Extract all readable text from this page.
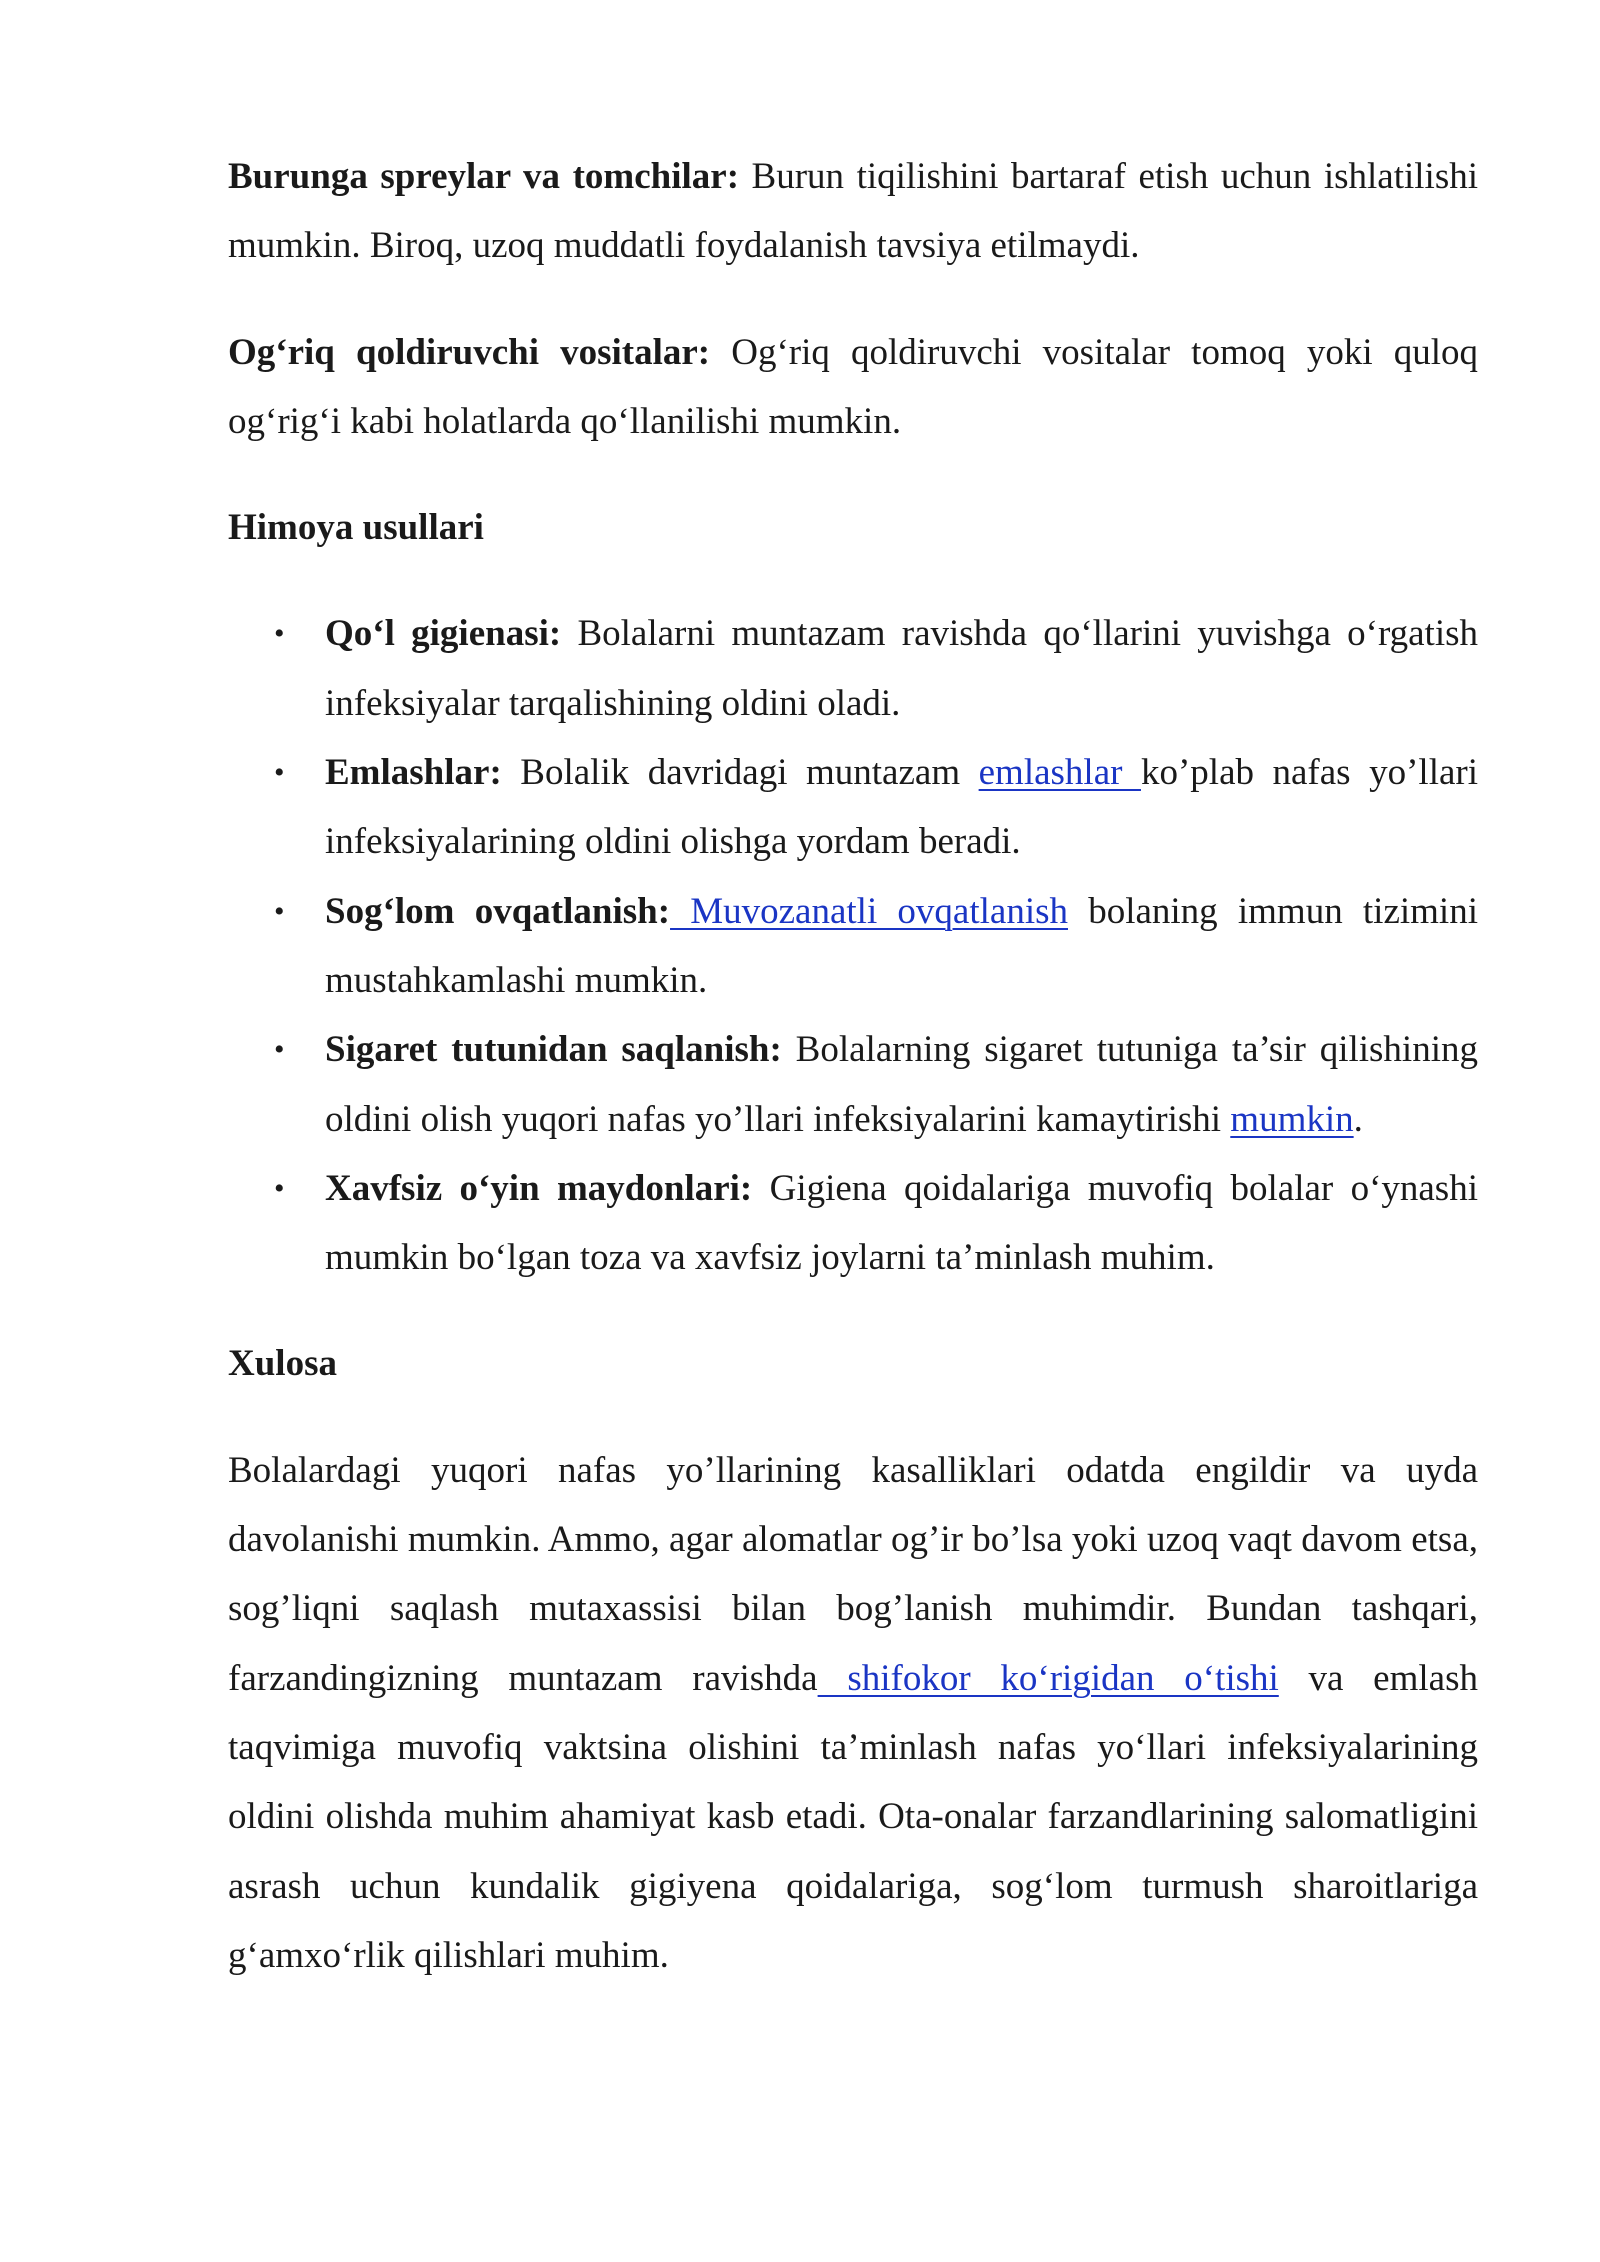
Burunga spreylar va tomchilar: Burun tiqilishini bartaraf etish uchun ishlatilishi mumkin. Biroq, uzoq muddatli foydalanish tavsiya etilmaydi.

Og‘riq qoldiruvchi vositalar: Og‘riq qoldiruvchi vositalar tomoq yoki quloq og‘rig‘i kabi holatlarda qo‘llanilishi mumkin.

Himoya usullari

• Qo‘l gigienasi: Bolalarni muntazam ravishda qo‘llarini yuvishga o‘rgatish infeksiyalar tarqalishining oldini oladi.
• Emlashlar: Bolalik davridagi muntazam emlashlar ko’plab nafas yo’llari infeksiyalarining oldini olishga yordam beradi.
• Sog‘lom ovqatlanish: Muvozanatli ovqatlanish bolaning immun tizimini mustahkamlashi mumkin.
• Sigaret tutunidan saqlanish: Bolalarning sigaret tutuniga ta’sir qilishining oldini olish yuqori nafas yo’llari infeksiyalarini kamaytirishi mumkin.
• Xavfsiz o‘yin maydonlari: Gigiena qoidalariga muvofiq bolalar o‘ynashi mumkin bo‘lgan toza va xavfsiz joylarni ta’minlash muhim.

Xulosa

Bolalardagi yuqori nafas yo’llarining kasalliklari odatda engildir va uyda davolanishi mumkin. Ammo, agar alomatlar og’ir bo’lsa yoki uzoq vaqt davom etsa, sog’liqni saqlash mutaxassisi bilan bog’lanish muhimdir. Bundan tashqari, farzandingizning muntazam ravishda shifokor ko‘rigidan o‘tishi va emlash taqvimiga muvofiq vaktsina olishini ta’minlash nafas yo‘llari infeksiyalarining oldini olishda muhim ahamiyat kasb etadi. Ota-onalar farzandlarining salomatligini asrash uchun kundalik gigiyena qoidalariga, sog‘lom turmush sharoitlariga g‘amxo‘rlik qilishlari muhim.
